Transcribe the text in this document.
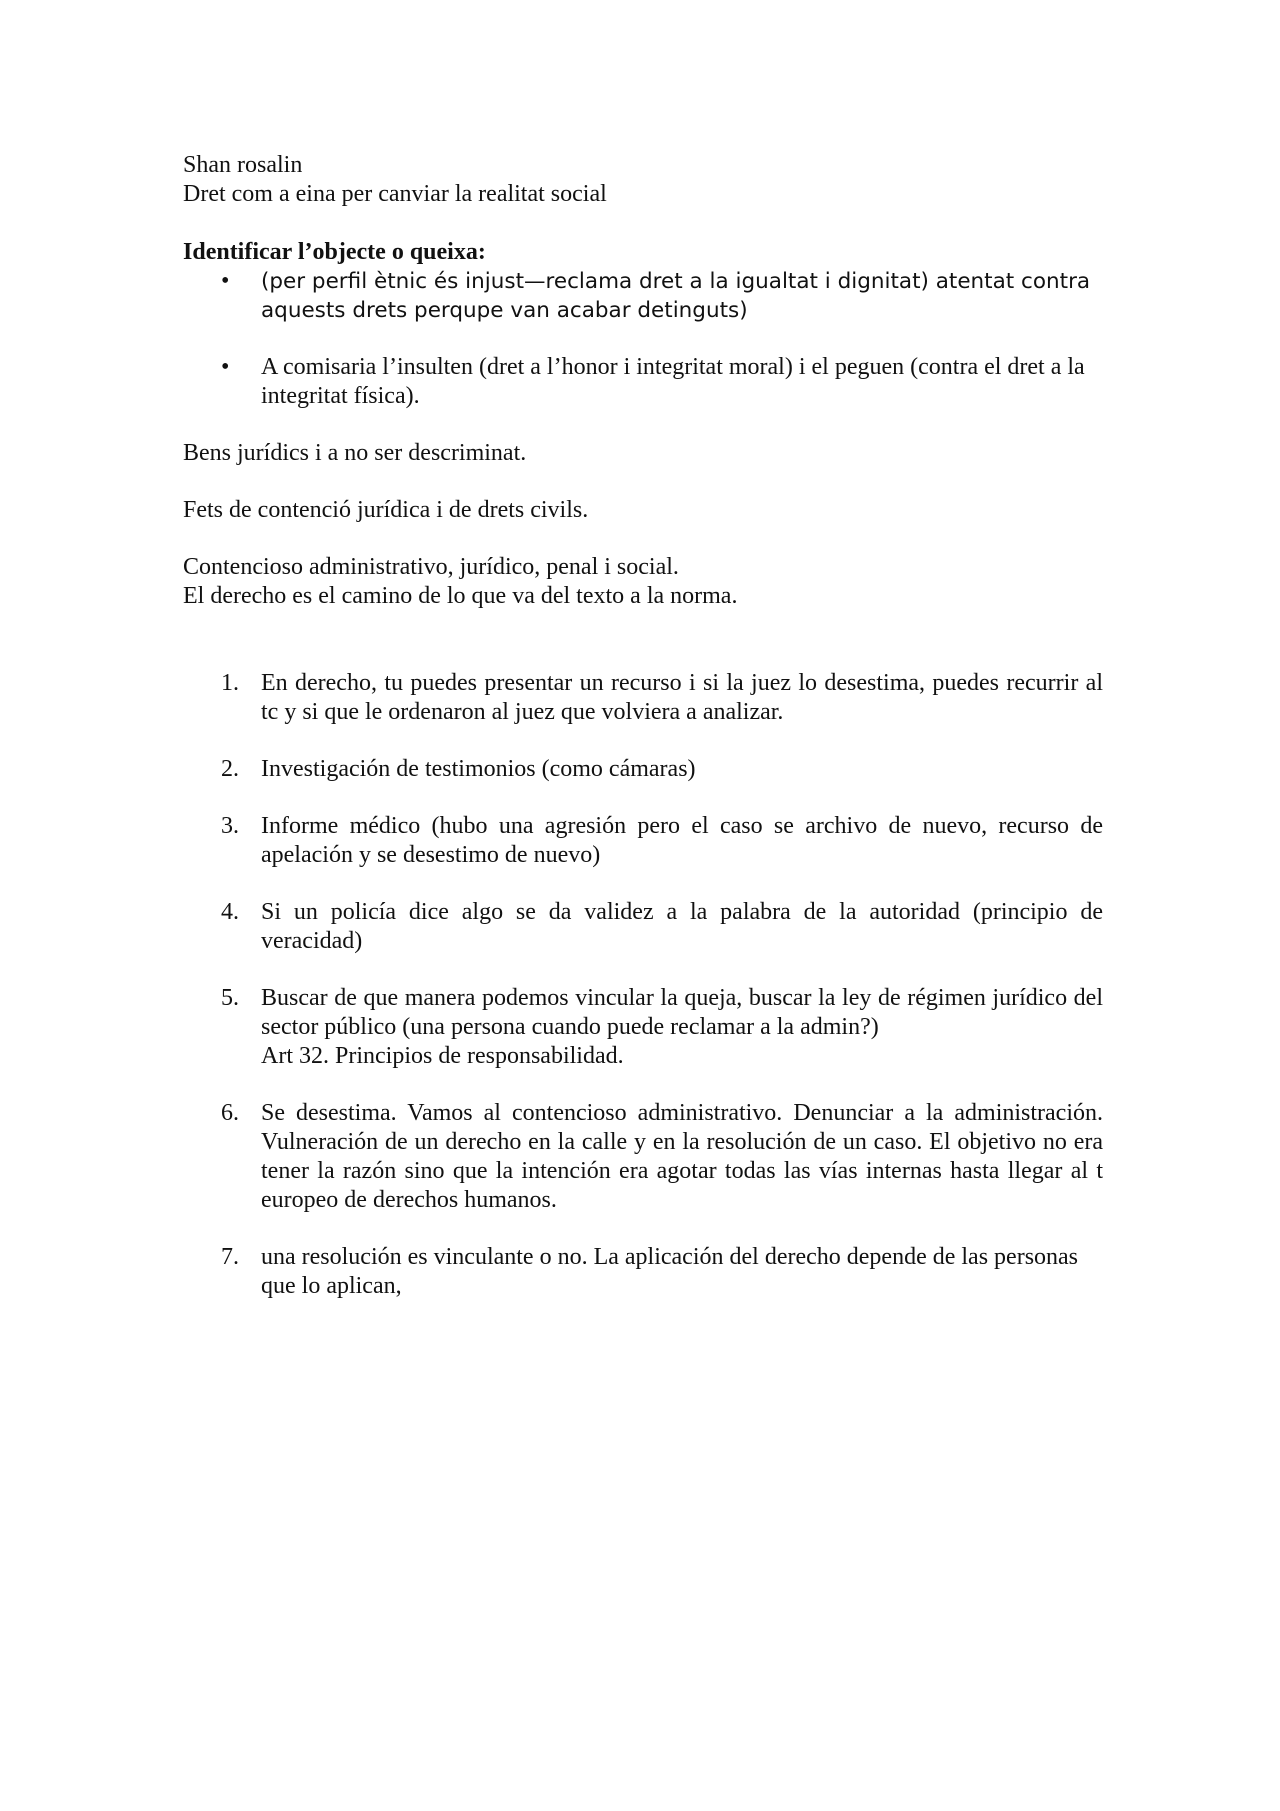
Shan rosalin

Dret com a eina per canviar la realitat social

Identificar l’objecte o queixa:

• (per perfil ètnic és injust—reclama dret a la igualtat i dignitat) atentat contra aquests drets perqupe van acabar detinguts)
• A comisaria l’insulten (dret a l’honor i integritat moral) i el peguen (contra el dret a la integritat física).

Bens jurídics i a no ser descriminat.

Fets de contenció jurídica i de drets civils.

Contencioso administrativo, jurídico, penal i social.

El derecho es el camino de lo que va del texto a la norma.

1. En derecho, tu puedes presentar un recurso i si la juez lo desestima, puedes recurrir al tc y si que le ordenaron al juez que volviera a analizar.
2. Investigación de testimonios (como cámaras)
3. Informe médico (hubo una agresión pero el caso se archivo de nuevo, recurso de apelación y se desestimo de nuevo)
4. Si un policía dice algo se da validez a la palabra de la autoridad (principio de veracidad)
5. Buscar de que manera podemos vincular la queja, buscar la ley de régimen jurídico del sector público (una persona cuando puede reclamar a la admin?)
Art 32. Principios de responsabilidad.
6. Se desestima. Vamos al contencioso administrativo. Denunciar a la administración. Vulneración de un derecho en la calle y en la resolución de un caso. El objetivo no era tener la razón sino que la intención era agotar todas las vías internas hasta llegar al t europeo de derechos humanos.
7. una resolución es vinculante o no. La aplicación del derecho depende de las personas que lo aplican,
